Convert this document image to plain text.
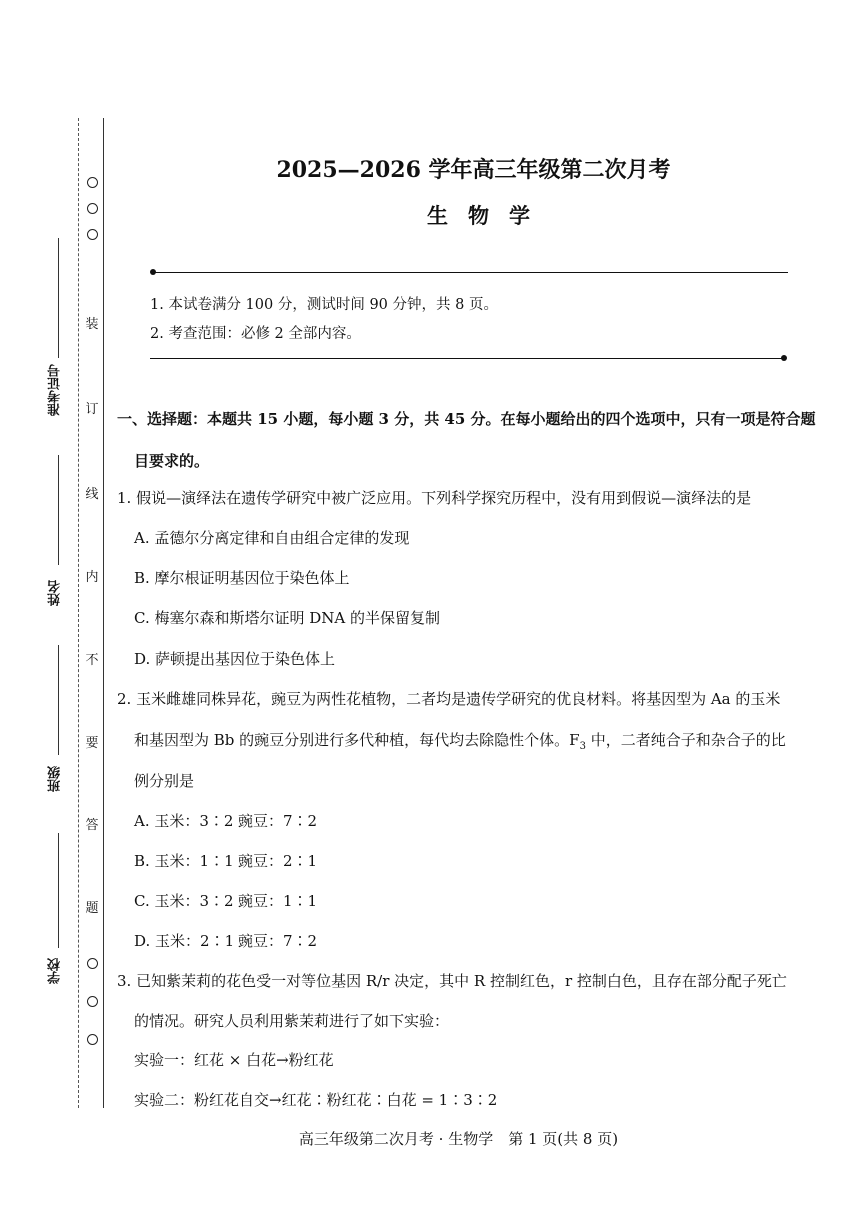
装
订
线
内
不
要
答
题
准考证号
姓名
班级
学校
2025—2026 学年高三年级第二次月考
生物学
1. 本试卷满分 100 分，测试时间 90 分钟，共 8 页。
2. 考查范围：必修 2 全部内容。
一、选择题：本题共 15 小题，每小题 3 分，共 45 分。在每小题给出的四个选项中，只有一项是符合题
目要求的。
1. 假说—演绎法在遗传学研究中被广泛应用。下列科学探究历程中，没有用到假说—演绎法的是
A. 孟德尔分离定律和自由组合定律的发现
B. 摩尔根证明基因位于染色体上
C. 梅塞尔森和斯塔尔证明 DNA 的半保留复制
D. 萨顿提出基因位于染色体上
2. 玉米雌雄同株异花，豌豆为两性花植物，二者均是遗传学研究的优良材料。将基因型为 Aa 的玉米
和基因型为 Bb 的豌豆分别进行多代种植，每代均去除隐性个体。$F_3$ 中，二者纯合子和杂合子的比
例分别是
A. 玉米：3∶2 豌豆：7∶2
B. 玉米：1∶1 豌豆：2∶1
C. 玉米：3∶2 豌豆：1∶1
D. 玉米：2∶1 豌豆：7∶2
3. 已知紫茉莉的花色受一对等位基因 R/r 决定，其中 R 控制红色，r 控制白色，且存在部分配子死亡
的情况。研究人员利用紫茉莉进行了如下实验：
实验一：红花 × 白花→粉红花
实验二：粉红花自交→红花∶粉红花∶白花 = 1∶3∶2
高三年级第二次月考 · 生物学　第 1 页(共 8 页)
